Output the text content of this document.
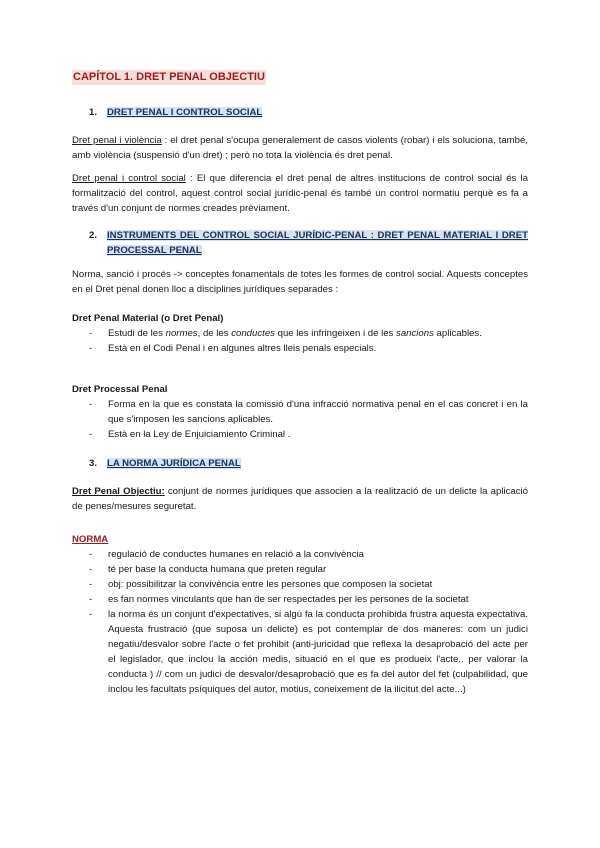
CAPÍTOL 1. DRET PENAL OBJECTIU
1.	DRET PENAL I CONTROL SOCIAL

Dret penal i violència : el dret penal s'ocupa generalement de casos violents (robar) i els soluciona, també, amb violència (suspensió d'un dret) ; però no tota la violència és dret penal.

Dret penal i control social : El que diferencia el dret penal de altres institucions de control social és la formalització del control, aquest control social jurídic-penal és també un control normatiu perquè es fa a través d'un conjunt de normes creades prèviament.

2.	INSTRUMENTS DEL CONTROL SOCIAL JURÍDIC-PENAL : DRET PENAL MATERIAL I DRET PROCESSAL PENAL

Norma, sanció i procés -> conceptes fonamentals de totes les formes de control social. Aquests conceptes en el Dret penal donen lloc a disciplines jurídiques separades :

Dret Penal Material (o Dret Penal)
- Estudi de les normes, de les conductes que les infringeixen i de les sancions aplicables.
- Està en el Codi Penal i en algunes altres lleis penals especials.
Dret Processal Penal
- Forma en la que es constata la comissió d'una infracció normativa penal en el cas concret i en la que s'imposen les sancions aplicables.
- Està en la Ley de Enjuiciamiento Criminal .
3.	LA NORMA JURÍDICA PENAL

Dret Penal Objectiu: conjunt de normes jurídiques que associen a la realització de un delicte la aplicació de penes/mesures seguretat.

NORMA
- regulació de conductes humanes en relació a la convivència
- té per base la conducta humana que preten regular
- obj: possibilitzar la convivència entre les persones que composen la societat
- es fan normes vinculants que han de ser respectades per les persones de la societat
- la norma és un conjunt d'expectatives, si algú fa la conducta prohibida frustra aquesta expectativa. Aquesta frustració (que suposa un delicte) es pot contemplar de dos maneres: com un judici negatiu/desvalor sobre l'acte o fet prohibit (anti-juricidad que reflexa la desaprobació del acte per el legislador, que inclou la acción medis, situació en el que es produeix l'acte.. per valorar la conducta ) // com un judici de desvalor/desaprobació que es fa del autor del fet (culpabilidad, que inclou les facultats psíquiques del autor, motius, coneixement de la ilicitut del acte...)
